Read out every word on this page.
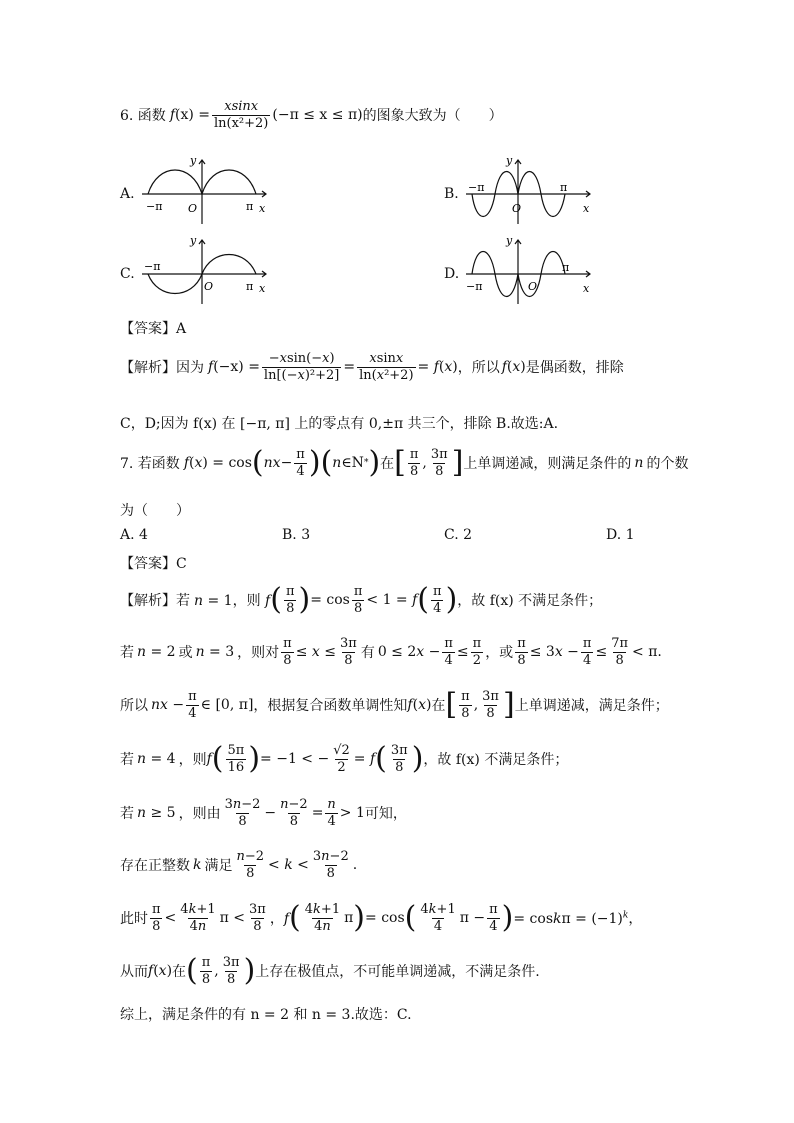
6. 函数 f $(x) = \frac{xsinx}{\text{ln(x²+2)}} (-\pi \le x \le \pi)$ 的图象大致为（　　）
A.	B.
C.	D.
y
−π O	π x
y
−π
O
π
x
y
−π
O	π x
y
−π	O
π
x
【答案】A
【解析】 因为 f $(-x) = \frac{-xsin(-x)}{\text{ln[(−x)²+2]}} = \frac{xsinx}{\text{ln(x²+2)}} = f(x)$ ，所以 f(x) 是偶函数，排除
C，D;因为 f(x) 在 [−π, π] 上的零点有 0,±π 共三个，排除 B.故选:A.
7. 若函数 f(x) = cos ( nx − $\frac{\pi}{4}$ ) ( n ∈N * ) 在 [ $\frac{\pi}{8}$ , $\frac{3\pi}{8}$ ] 上单调递减，则满足条件的 n 的个数
为（　　）
A. 4	B. 3	C. 2	D. 1
【答案】C
【解析】若 n = 1，则 f ( $\frac{\pi}{8}$ ) = $\cos \frac{\pi}{8} < 1 = f$ ( $\frac{\pi}{4}$ ) ，故 f(x) 不满足条件；
若 n = 2 或 n = 3 ，则对 $\frac{\pi}{8} \le x \le \frac{3\pi}{8}$ 有 $0 \le 2x - \frac{\pi}{4} \le \frac{\pi}{2}$ ，或 $\frac{\pi}{8} \le 3x - \frac{\pi}{4} \le \frac{7\pi}{8} < \pi$.
所以 nx − $\frac{\pi}{4}$ ∈ [0, π] ，根据复合函数单调性知 f(x) 在 [ $\frac{\pi}{8}$ , $\frac{3\pi}{8}$ ] 上单调递减，满足条件；
若 n = 4 ，则 f ( $\frac{5\pi}{16}$ ) = −1 < − $\frac{√2}{2} = f$ ( $\frac{3\pi}{8}$ ) ，故 f(x) 不满足条件；
若 n ≥ 5 ，则由 $\frac{3n-2}{8} - \frac{n-2}{8} = \frac{n}{4} > 1$ 可知，
存在正整数 k 满足 $\frac{n-2}{8} < k < \frac{3n-2}{8}$ .
此时 $\frac{\pi}{8} < \frac{4k+1}{4n}$ $\pi < \frac{3\pi}{8}$ ，f ( $\frac{4k+1}{4n}$ π ) = cos ( $\frac{4k+1}{4}$ $\pi - \frac{\pi}{4}$ ) = $\cos k\pi = (-1)^k$，
从而 f(x) 在 ( $\frac{\pi}{8}$ , $\frac{3\pi}{8}$ ) 上存在极值点，不可能单调递减，不满足条件.
综上，满足条件的有 n = 2 和 n = 3.故选：C.
